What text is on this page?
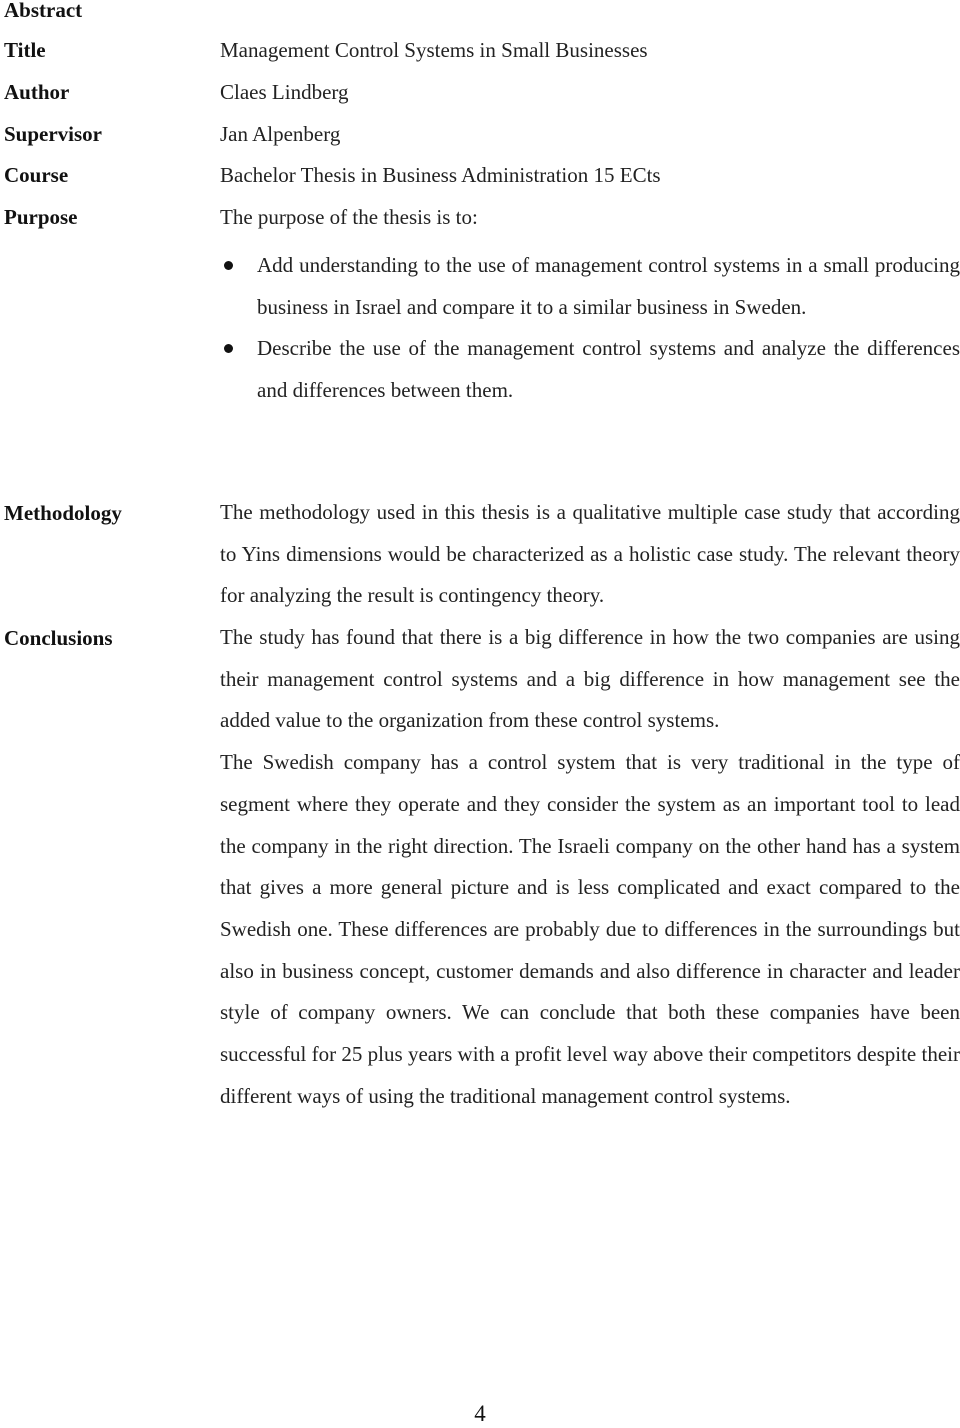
Abstract
Title	Management Control Systems in Small Businesses
Author	Claes Lindberg
Supervisor	Jan Alpenberg
Course	Bachelor Thesis in Business Administration 15 ECts
Purpose	The purpose of the thesis is to:
Add understanding to the use of management control systems in a small producing business in Israel and compare it to a similar business in Sweden.
Describe the use of the management control systems and analyze the differences and differences between them.
Methodology	The methodology used in this thesis is a qualitative multiple case study that according to Yins dimensions would be characterized as a holistic case study. The relevant theory for analyzing the result is contingency theory.

Conclusions	The study has found that there is a big difference in how the two companies are using their management control systems and a big difference in how management see the added value to the organization from these control systems.

The Swedish company has a control system that is very traditional in the type of segment where they operate and they consider the system as an important tool to lead the company in the right direction. The Israeli company on the other hand has a system that gives a more general picture and is less complicated and exact compared to the Swedish one. These differences are probably due to differences in the surroundings but also in business concept, customer demands and also difference in character and leader style of company owners. We can conclude that both these companies have been successful for 25 plus years with a profit level way above their competitors despite their different ways of using the traditional management control systems.

4
